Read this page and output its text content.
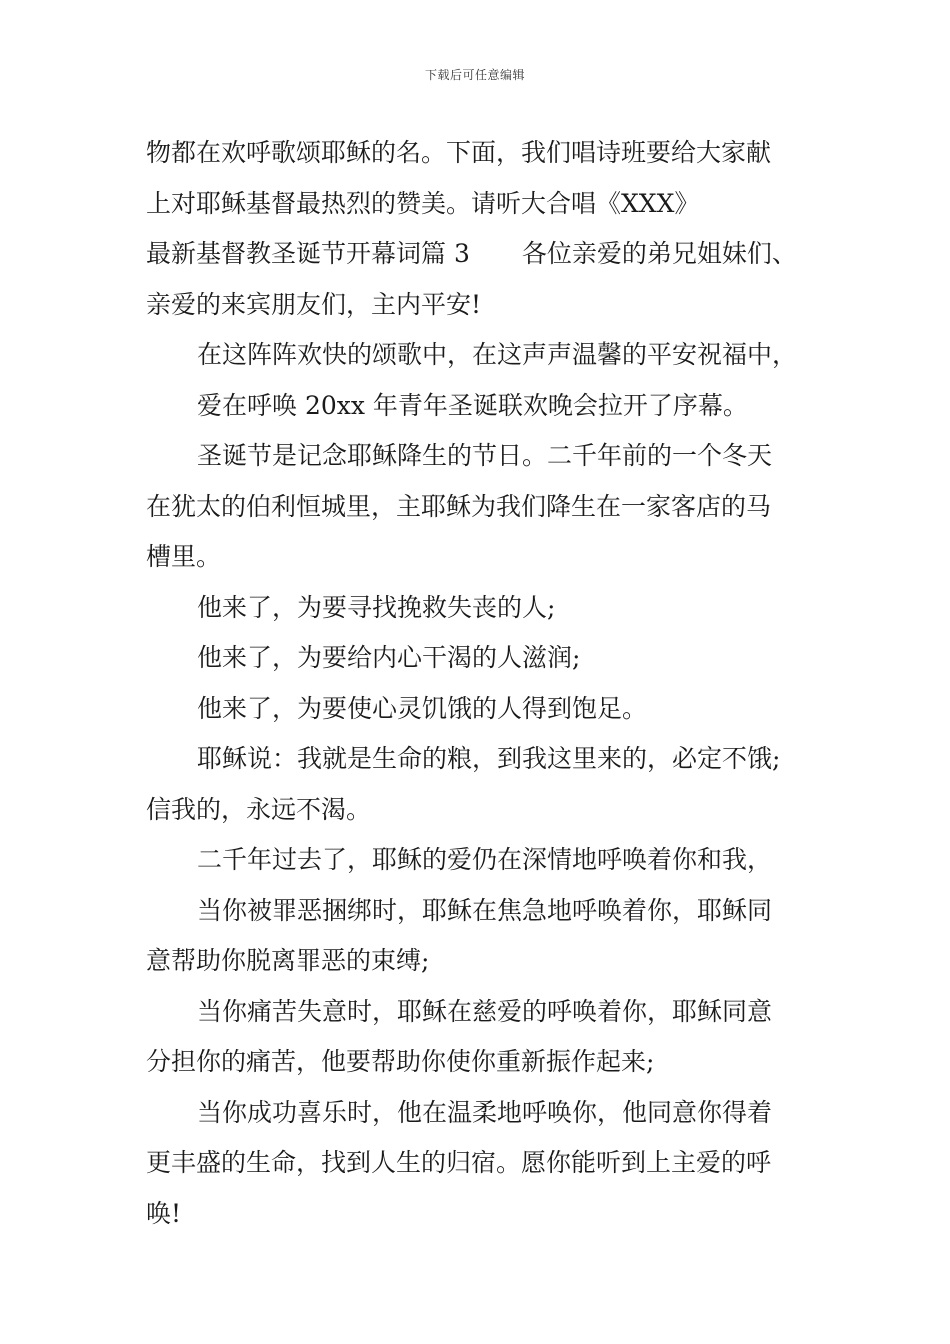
下载后可任意编辑
物都在欢呼歌颂耶稣的名。下面，我们唱诗班要给大家献
上对耶稣基督最热烈的赞美。请听大合唱《XXX》
最新基督教圣诞节开幕词篇 3 各位亲爱的弟兄姐妹们、
亲爱的来宾朋友们，主内平安!
在这阵阵欢快的颂歌中，在这声声温馨的平安祝福中，
爱在呼唤 20xx 年青年圣诞联欢晚会拉开了序幕。
圣诞节是记念耶稣降生的节日。二千年前的一个冬天
在犹太的伯利恒城里，主耶稣为我们降生在一家客店的马
槽里。
他来了，为要寻找挽救失丧的人;
他来了，为要给内心干渴的人滋润;
他来了，为要使心灵饥饿的人得到饱足。
耶稣说：我就是生命的粮，到我这里来的，必定不饿;
信我的，永远不渴。
二千年过去了，耶稣的爱仍在深情地呼唤着你和我，
当你被罪恶捆绑时，耶稣在焦急地呼唤着你，耶稣同
意帮助你脱离罪恶的束缚;
当你痛苦失意时，耶稣在慈爱的呼唤着你，耶稣同意
分担你的痛苦，他要帮助你使你重新振作起来;
当你成功喜乐时，他在温柔地呼唤你，他同意你得着
更丰盛的生命，找到人生的归宿。愿你能听到上主爱的呼
唤!
